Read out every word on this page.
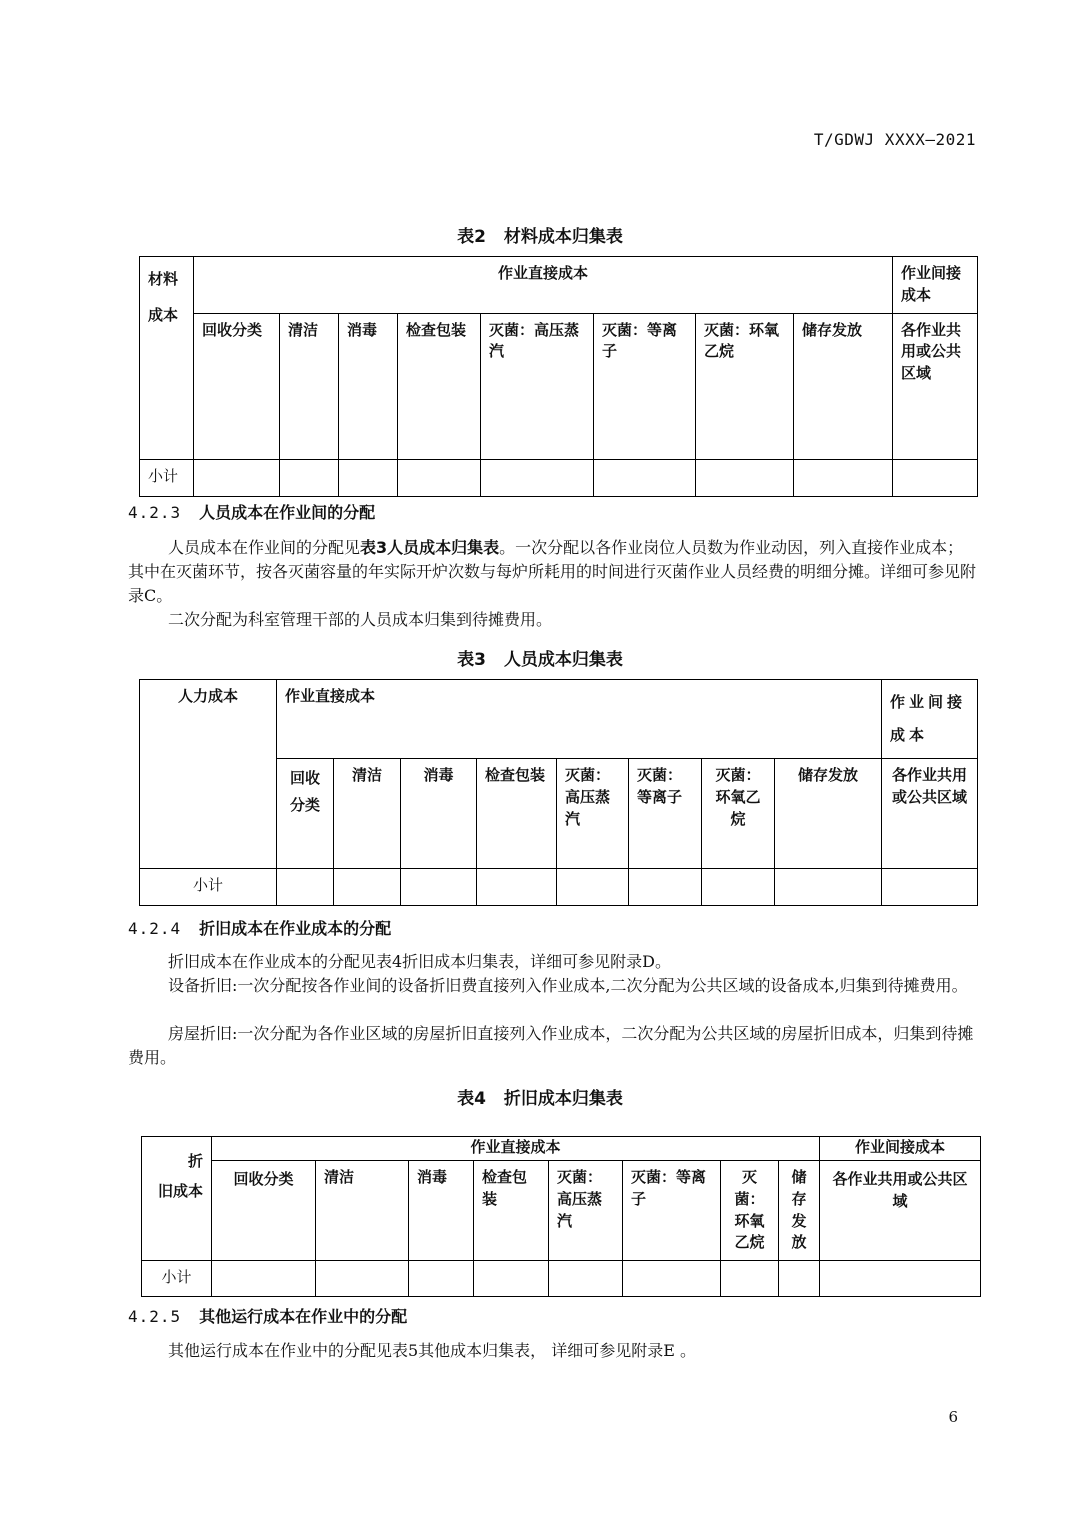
T/GDWJ XXXX—2021
表2 材料成本归集表
材料
成本	作业直接成本								作业间接成本
	回收分类	清洁	消毒	检查包装	灭菌：高压蒸汽	灭菌：等离子	灭菌：环氧乙烷	储存发放	各作业共用或公共区域
小计									
4.2.3 人员成本在作业间的分配

人员成本在作业间的分配见表3人员成本归集表。一次分配以各作业岗位人员数为作业动因，列入直接作业成本；其中在灭菌环节，按各灭菌容量的年实际开炉次数与每炉所耗用的时间进行灭菌作业人员经费的明细分摊。详细可参见附录C。

二次分配为科室管理干部的人员成本归集到待摊费用。

表3 人员成本归集表
人力成本	作业直接成本								作业间接成本
	回收分类	清洁	消毒	检查包装	灭菌：高压蒸汽	灭菌：等离子	灭菌：环氧乙烷	储存发放	各作业共用或公共区域
小计									
4.2.4 折旧成本在作业成本的分配

折旧成本在作业成本的分配见表4折旧成本归集表，详细可参见附录D。

设备折旧:一次分配按各作业间的设备折旧费直接列入作业成本,二次分配为公共区域的设备成本,归集到待摊费用。

房屋折旧:一次分配为各作业区域的房屋折旧直接列入作业成本，二次分配为公共区域的房屋折旧成本，归集到待摊费用。

表4 折旧成本归集表
折
旧成本	作业直接成本								作业间接成本
	回收分类	清洁	消毒	检查包装	灭菌：高压蒸汽	灭菌：等离子	灭菌：环氧乙烷	储存发放	各作业共用或公共区域
小计									
4.2.5 其他运行成本在作业中的分配

其他运行成本在作业中的分配见表5其他成本归集表， 详细可参见附录E 。

6
